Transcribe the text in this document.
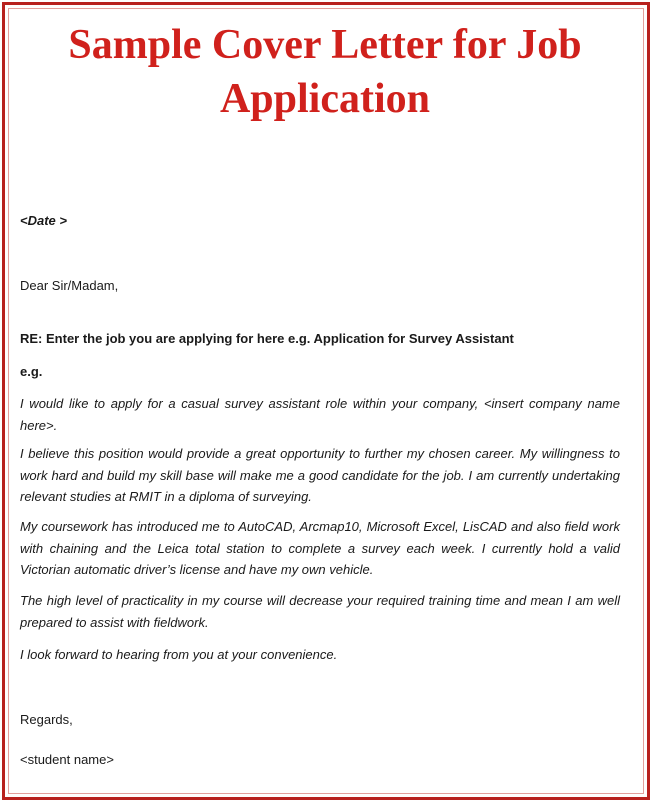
Sample Cover Letter for Job
Application
<Date >
Dear Sir/Madam,
RE: Enter the job you are applying for here e.g. Application for Survey Assistant
e.g.

I would like to apply for a casual survey assistant role within your company, <insert company name here>.

I believe this position would provide a great opportunity to further my chosen career. My willingness to work hard and build my skill base will make me a good candidate for the job. I am currently undertaking relevant studies at RMIT in a diploma of surveying.

My coursework has introduced me to AutoCAD, Arcmap10, Microsoft Excel, LisCAD and also field work with chaining and the Leica total station to complete a survey each week. I currently hold a valid Victorian automatic driver’s license and have my own vehicle.

The high level of practicality in my course will decrease your required training time and mean I am well prepared to assist with fieldwork.

I look forward to hearing from you at your convenience.

Regards,
<student name>
